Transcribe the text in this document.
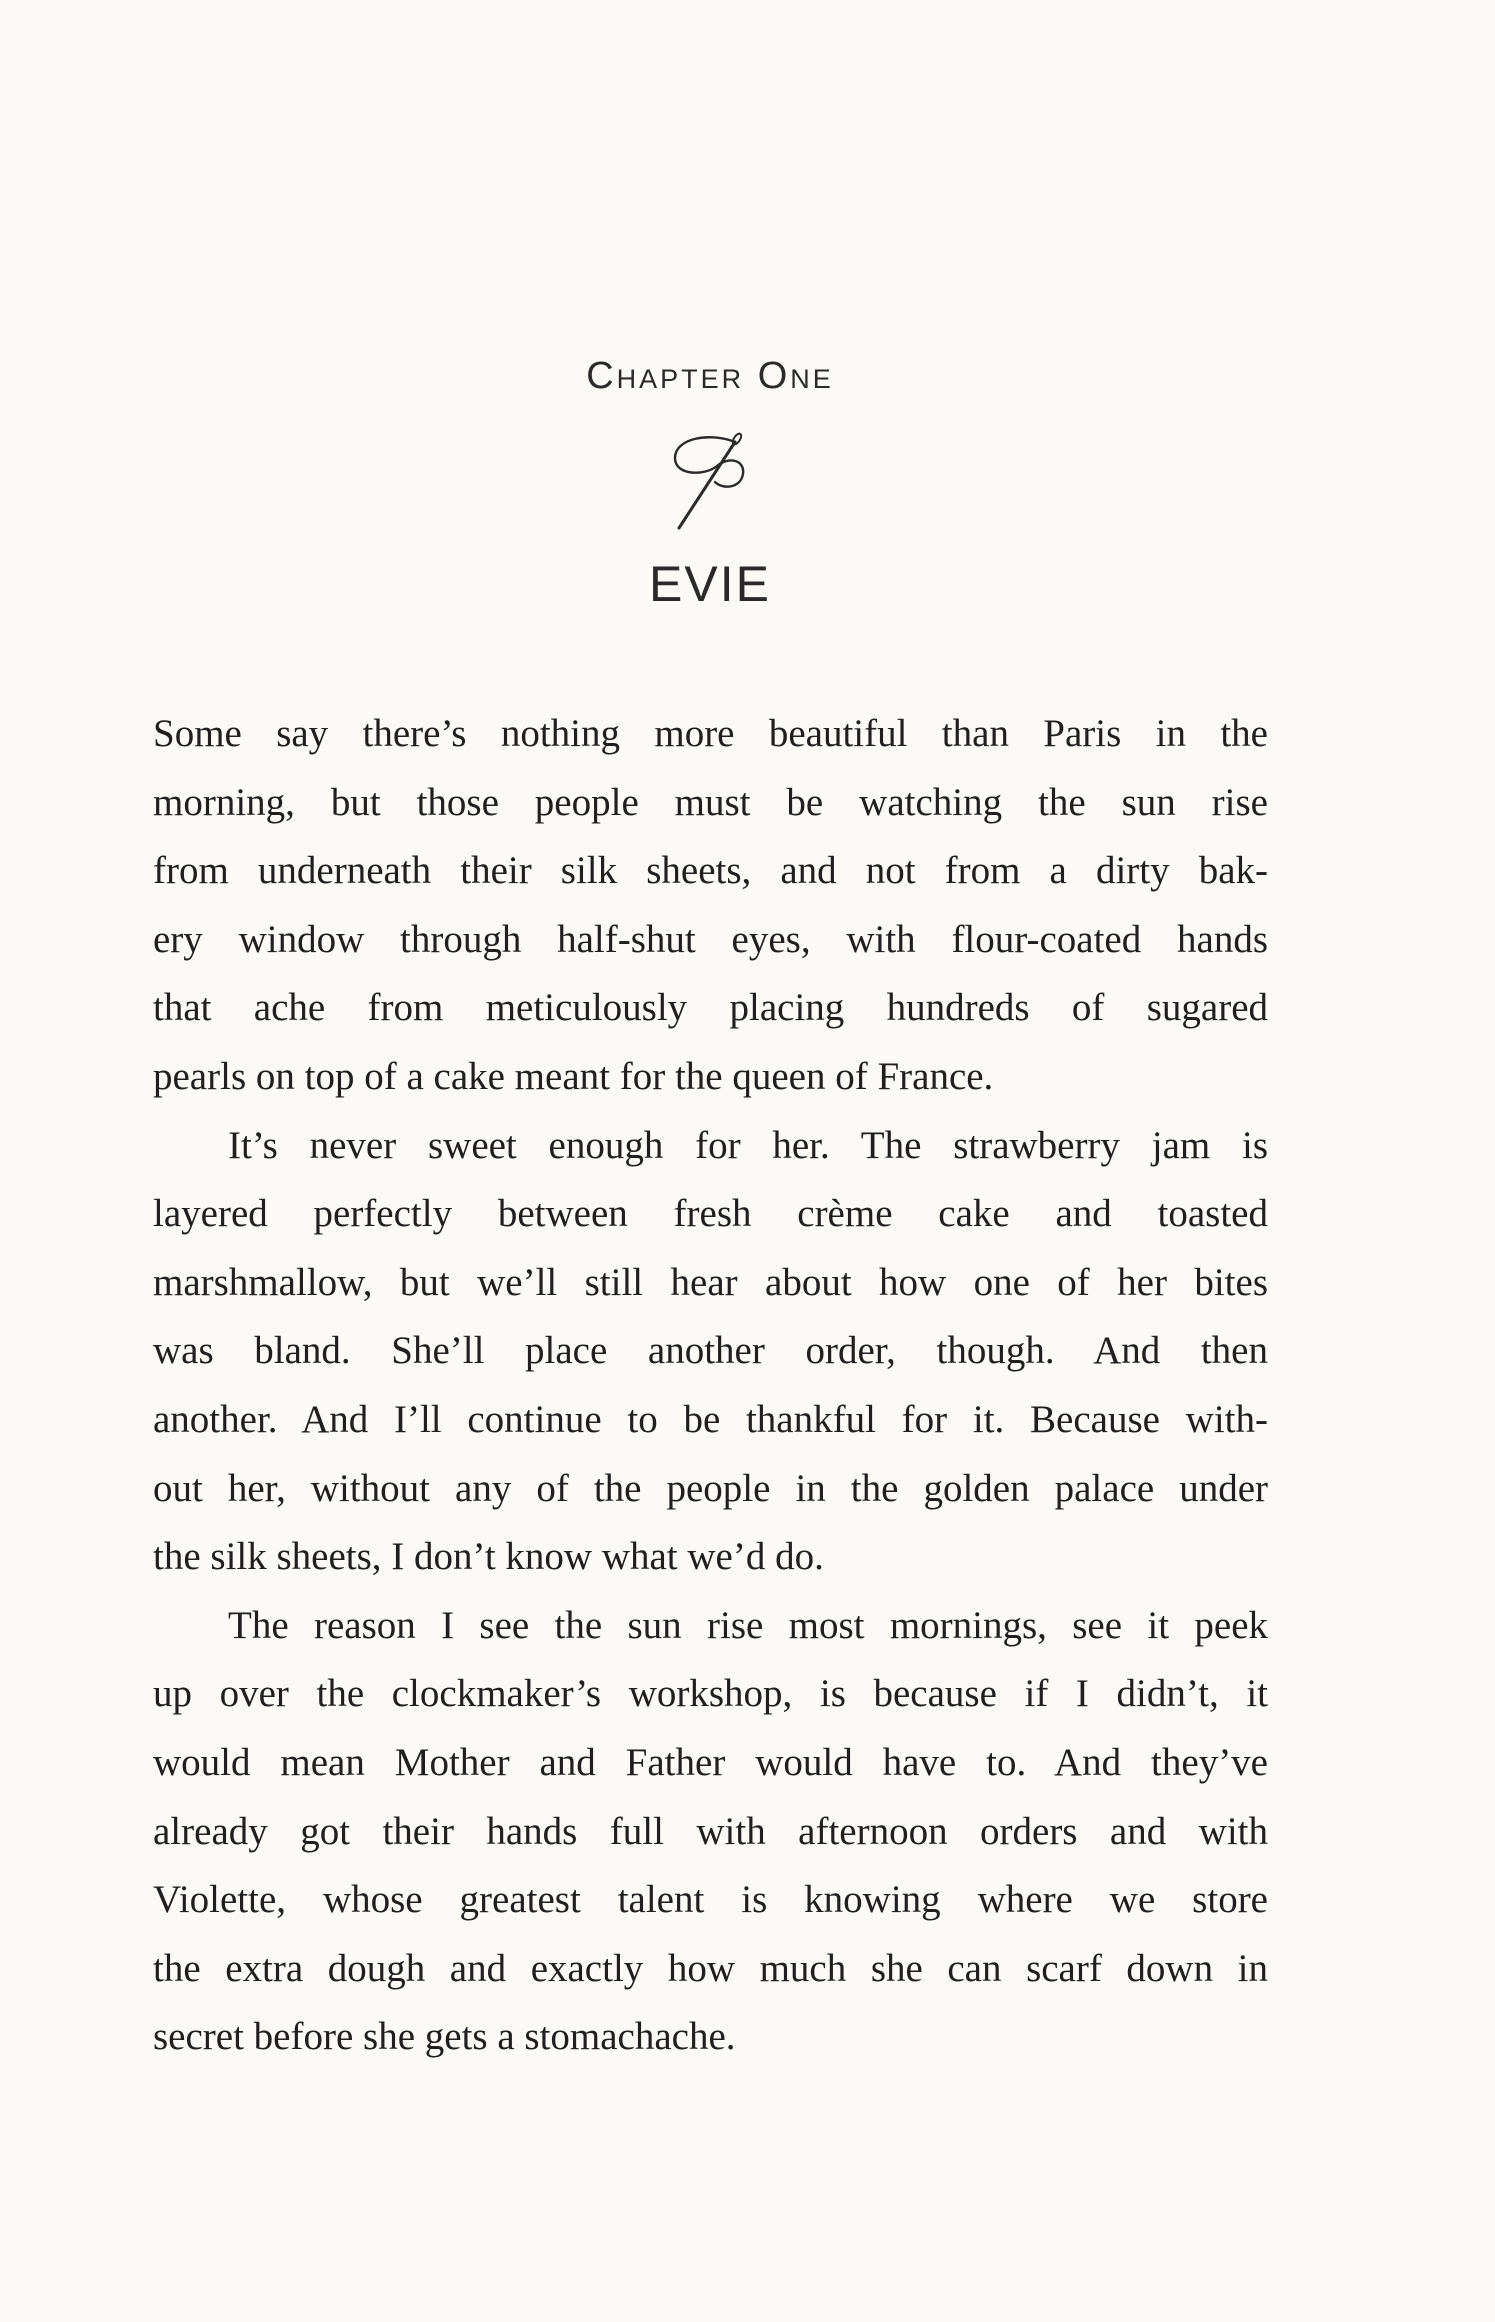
Chapter One
EVIE

Some say there’s nothing more beautiful than Paris in the
morning, but those people must be watching the sun rise
from underneath their silk sheets, and not from a dirty bak-
ery window through half-shut eyes, with flour-coated hands
that ache from meticulously placing hundreds of sugared
pearls on top of a cake meant for the queen of France.

It’s never sweet enough for her. The strawberry jam is
layered perfectly between fresh crème cake and toasted
marshmallow, but we’ll still hear about how one of her bites
was bland. She’ll place another order, though. And then
another. And I’ll continue to be thankful for it. Because with-
out her, without any of the people in the golden palace under
the silk sheets, I don’t know what we’d do.

The reason I see the sun rise most mornings, see it peek
up over the clockmaker’s workshop, is because if I didn’t, it
would mean Mother and Father would have to. And they’ve
already got their hands full with afternoon orders and with
Violette, whose greatest talent is knowing where we store
the extra dough and exactly how much she can scarf down in
secret before she gets a stomachache.
